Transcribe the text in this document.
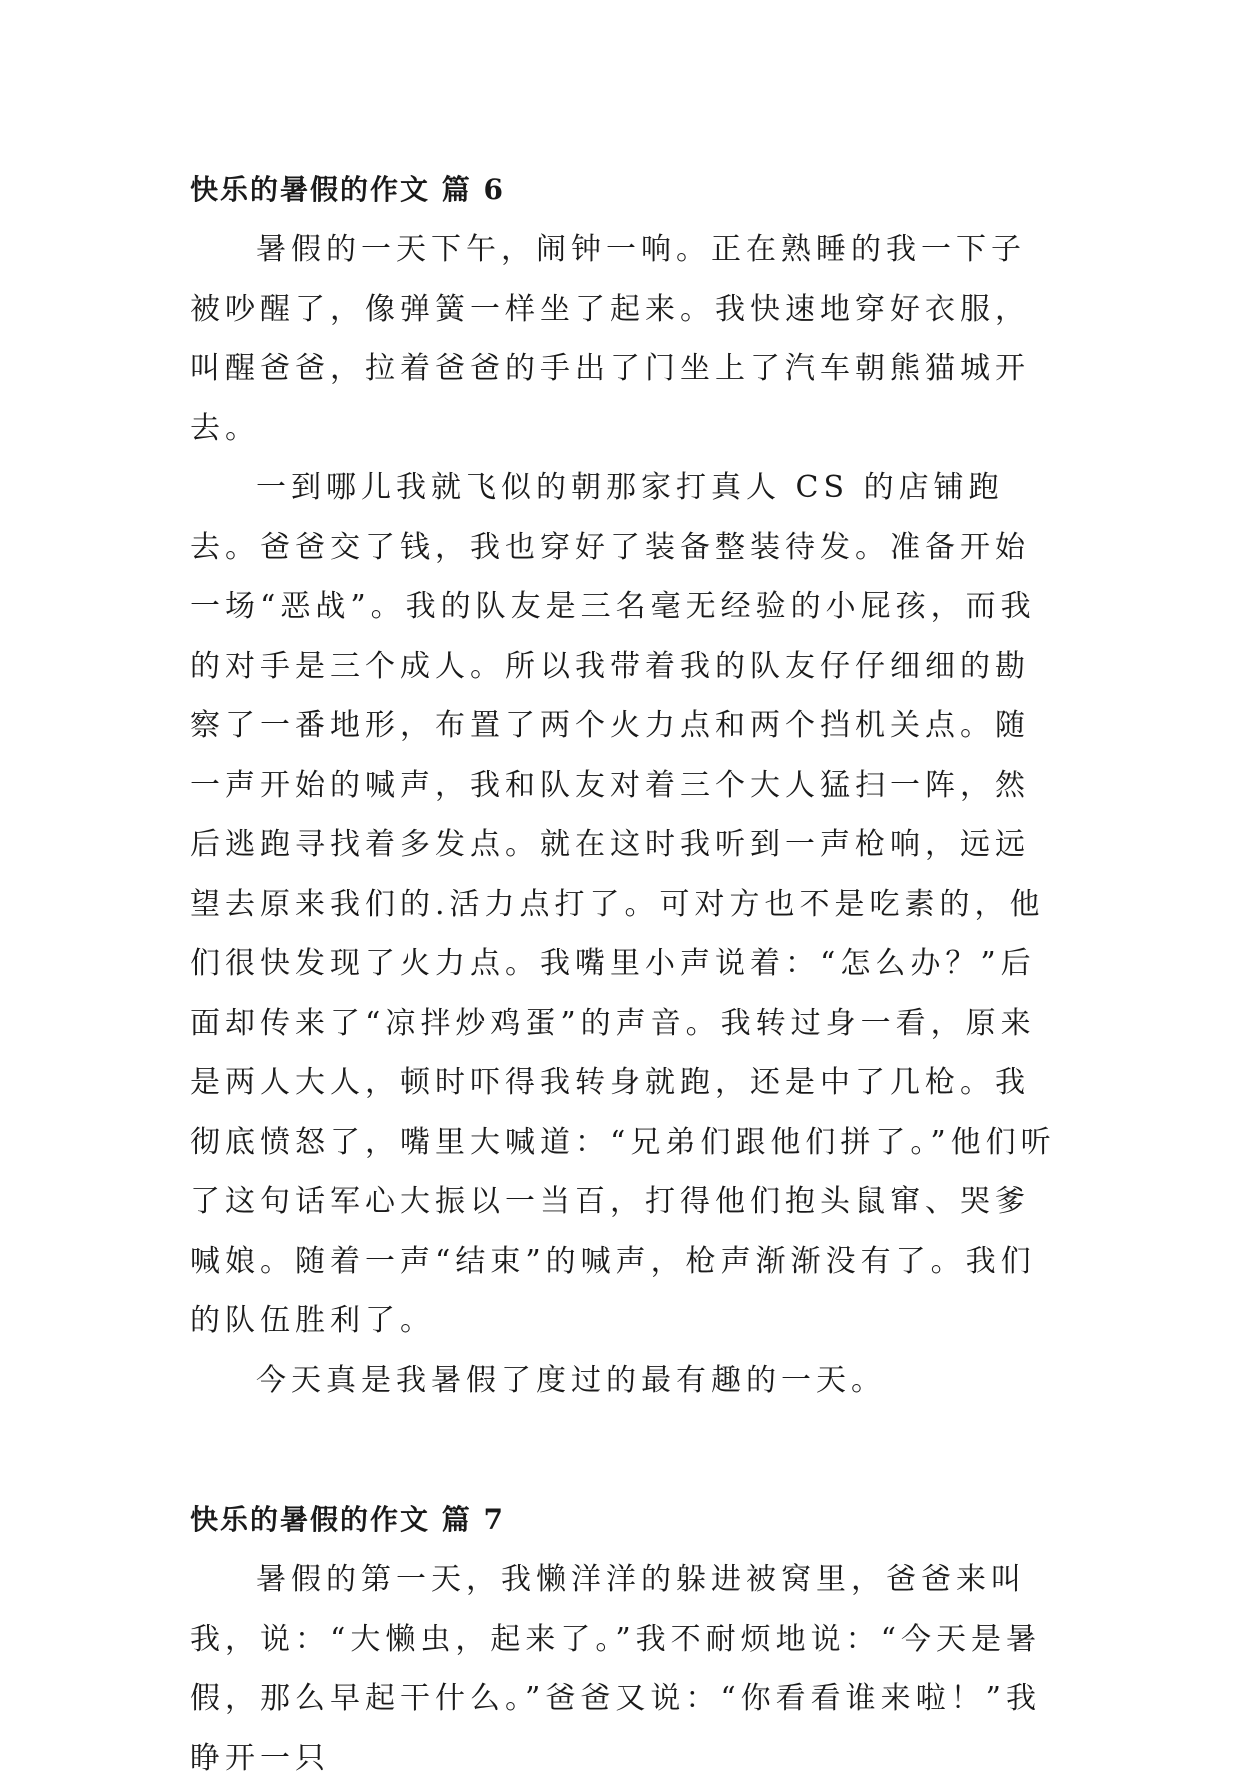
快乐的暑假的作文 篇 6

暑假的一天下午，闹钟一响。正在熟睡的我一下子被吵醒了，像弹簧一样坐了起来。我快速地穿好衣服，叫醒爸爸，拉着爸爸的手出了门坐上了汽车朝熊猫城开去。

一到哪儿我就飞似的朝那家打真人 CS 的店铺跑去。爸爸交了钱，我也穿好了装备整装待发。准备开始一场“恶战”。我的队友是三名毫无经验的小屁孩，而我的对手是三个成人。所以我带着我的队友仔仔细细的勘察了一番地形，布置了两个火力点和两个挡机关点。随一声开始的喊声，我和队友对着三个大人猛扫一阵，然后逃跑寻找着多发点。就在这时我听到一声枪响，远远望去原来我们的.活力点打了。可对方也不是吃素的，他们很快发现了火力点。我嘴里小声说着：“怎么办？”后面却传来了“凉拌炒鸡蛋”的声音。我转过身一看，原来是两人大人，顿时吓得我转身就跑，还是中了几枪。我彻底愤怒了，嘴里大喊道：“兄弟们跟他们拼了。”他们听了这句话军心大振以一当百，打得他们抱头鼠窜、哭爹喊娘。随着一声“结束”的喊声，枪声渐渐没有了。我们的队伍胜利了。

今天真是我暑假了度过的最有趣的一天。

快乐的暑假的作文 篇 7

暑假的第一天，我懒洋洋的躲进被窝里，爸爸来叫我，说：“大懒虫，起来了。”我不耐烦地说：“今天是暑假，那么早起干什么。”爸爸又说：“你看看谁来啦！”我睁开一只
